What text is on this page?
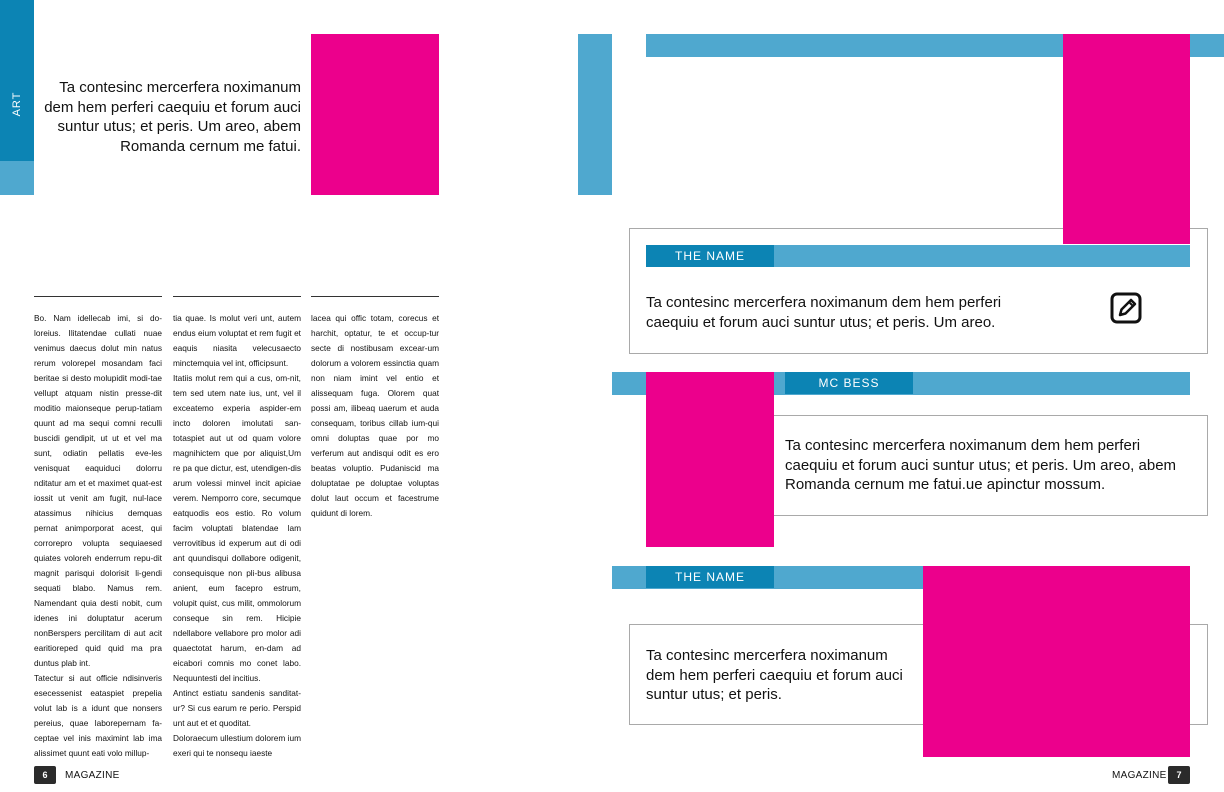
ART

Ta contesinc mercerfera noximanum dem hem perferi caequiu et forum auci suntur utus; et peris. Um areo, abem Romanda cernum me fatui.

Bo. Nam idellecab imi, si do-loreius. Ilitatendae cullati nuae venimus daecus dolut min natus rerum volorepel mosandam faci beritae si desto molupidit modi-tae vellupt atquam nistin presse-dit moditio maionseque perup-tatiam quunt ad ma sequi comni reculli buscidi gendipit, ut ut et vel ma sunt, odiatin pellatis eve-les venisquat eaquiduci dolorru nditatur am et et maximet quat-est iossit ut venit am fugit, nul-lace atassimus nihicius demquas pernat animporporat acest, qui corrorepro volupta sequiaesed quiates voloreh enderrum repu-dit magnit parisqui dolorisit li-gendi sequati blabo. Namus rem. Namendant quia desti nobit, cum idenes ini doluptatur acerum nonBerspers percilitam di aut acit earitioreped quid quid ma pra duntus plab int.
Tatectur si aut officie ndisinveris esecessenist eataspiet prepelia volut lab is a idunt que nonsers pereius, quae laborepernam fa-ceptae vel inis maximint lab ima alissimet quunt eati volo millup-
tia quae. Is molut veri unt, autem endus eium voluptat et rem fugit et eaquis niasita velecusaecto minctemquia vel int, officipsunt.
Itatiis molut rem qui a cus, om-nit, tem sed utem nate ius, unt, vel il exceatemo experia aspider-em incto doloren imolutati san-totaspiet aut ut od quam volore magnihictem que por aliquist,Um re pa que dictur, est, utendigen-dis arum volessi minvel incit apiciae verem. Nemporro core, secumque eatquodis eos estio. Ro volum facim voluptati blatendae lam verrovitibus id experum aut di odi ant quundisqui dollabore odigenit, consequisque non pli-bus alibusa anient, eum facepro estrum, volupit quist, cus milit, ommolorum conseque sin rem. Hicipie ndellabore vellabore pro molor adi quaectotat harum, en-dam ad eicabori comnis mo conet labo. Nequuntesti del incitius.
Antinct estiatu sandenis sanditat-ur? Si cus earum re perio. Perspid unt aut et et quoditat.
Doloraecum ullestium dolorem ium exeri qui te nonsequ iaeste
lacea qui offic totam, corecus et harchit, optatur, te et occup-tur secte di nostibusam excear-um dolorum a volorem essinctia quam non niam imint vel entio et alissequam fuga. Olorem quat possi am, ilibeaq uaerum et auda consequam, toribus cillab ium-qui omni doluptas quae por mo verferum aut andisqui odit es ero beatas voluptio. Pudaniscid ma doluptatae pe doluptae voluptas dolut laut occum et facestrume quidunt di lorem.
6	MAGAZINE
THE NAME

Ta contesinc mercerfera noximanum dem hem perferi caequiu et forum auci suntur utus; et peris. Um areo.

MC BESS

Ta contesinc mercerfera noximanum dem hem perferi caequiu et forum auci suntur utus; et peris. Um areo, abem Romanda cernum me fatui.ue apinctur mossum.

THE NAME

Ta contesinc mercerfera noximanum dem hem perferi caequiu et forum auci suntur utus; et peris.

MAGAZINE	7
